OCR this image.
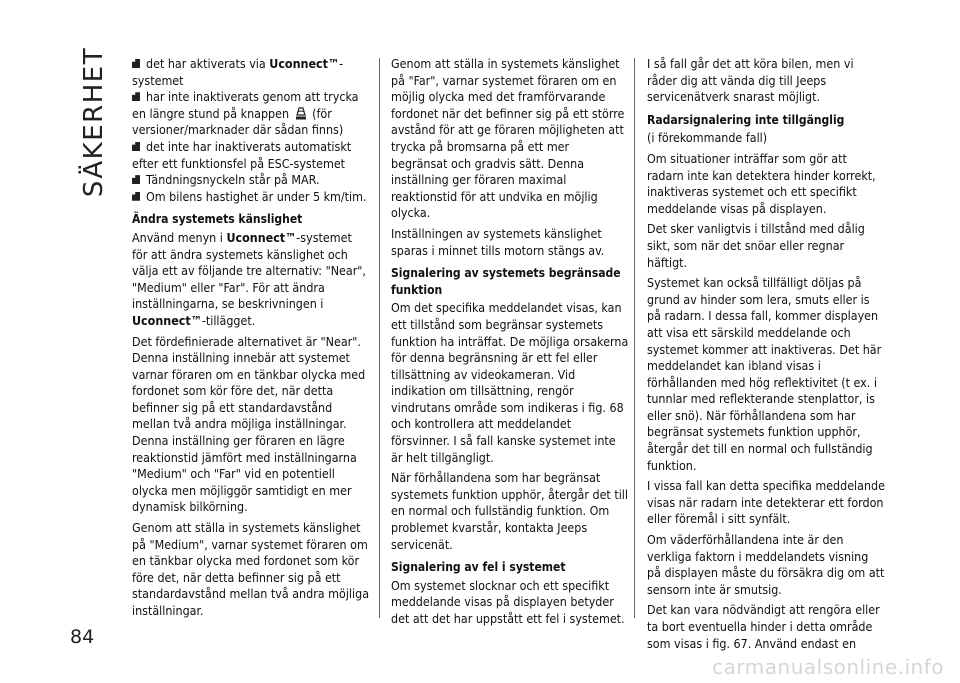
SÄKERHET	det har aktiverats via Uconnect™-systemet

har inte inaktiverats genom att trycka en längre stund på knappen  (för versioner/marknader där sådan finns)

det inte har inaktiverats automatiskt efter ett funktionsfel på ESC-systemet

Tändningsnyckeln står på MAR.

Om bilens hastighet är under 5 km/tim.

Ändra systemets känslighet

Använd menyn i Uconnect™-systemet för att ändra systemets känslighet och välja ett av följande tre alternativ: "Near", "Medium" eller "Far". För att ändra inställningarna, se beskrivningen i Uconnect™-tillägget.

Det fördefinierade alternativet är "Near". Denna inställning innebär att systemet varnar föraren om en tänkbar olycka med fordonet som kör före det, när detta befinner sig på ett standardavstånd mellan två andra möjliga inställningar. Denna inställning ger föraren en lägre reaktionstid jämfört med inställningarna "Medium" och "Far" vid en potentiell olycka men möjliggör samtidigt en mer dynamisk bilkörning.

Genom att ställa in systemets känslighet på "Medium", varnar systemet föraren om en tänkbar olycka med fordonet som kör före det, när detta befinner sig på ett standardavstånd mellan två andra möjliga inställningar.

Genom att ställa in systemets känslighet på "Far", varnar systemet föraren om en möjlig olycka med det framförvarande fordonet när det befinner sig på ett större avstånd för att ge föraren möjligheten att trycka på bromsarna på ett mer begränsat och gradvis sätt. Denna inställning ger föraren maximal reaktionstid för att undvika en möjlig olycka.

Inställningen av systemets känslighet sparas i minnet tills motorn stängs av.

Signalering av systemets begränsade funktion

Om det specifika meddelandet visas, kan ett tillstånd som begränsar systemets funktion ha inträffat. De möjliga orsakerna för denna begränsning är ett fel eller tillsättning av videokameran. Vid indikation om tillsättning, rengör vindrutans område som indikeras i fig. 68 och kontrollera att meddelandet försvinner. I så fall kanske systemet inte är helt tillgängligt.

När förhållandena som har begränsat systemets funktion upphör, återgår det till en normal och fullständig funktion. Om problemet kvarstår, kontakta Jeeps servicenät.

Signalering av fel i systemet

Om systemet slocknar och ett specifikt meddelande visas på displayen betyder det att det har uppstått ett fel i systemet.

I så fall går det att köra bilen, men vi råder dig att vända dig till Jeeps servicenätverk snarast möjligt.

Radarsignalering inte tillgänglig

(i förekommande fall)

Om situationer inträffar som gör att radarn inte kan detektera hinder korrekt, inaktiveras systemet och ett specifikt meddelande visas på displayen.

Det sker vanligtvis i tillstånd med dålig sikt, som när det snöar eller regnar häftigt.

Systemet kan också tillfälligt döljas på grund av hinder som lera, smuts eller is på radarn. I dessa fall, kommer displayen att visa ett särskild meddelande och systemet kommer att inaktiveras. Det här meddelandet kan ibland visas i förhållanden med hög reflektivitet (t ex. i tunnlar med reflekterande stenplattor, is eller snö). När förhållandena som har begränsat systemets funktion upphör, återgår det till en normal och fullständig funktion.

I vissa fall kan detta specifika meddelande visas när radarn inte detekterar ett fordon eller föremål i sitt synfält.

Om väderförhållandena inte är den verkliga faktorn i meddelandets visning på displayen måste du försäkra dig om att sensorn inte är smutsig.

Det kan vara nödvändigt att rengöra eller ta bort eventuella hinder i detta område som visas i fig. 67. Använd endast en

84
carmanualsonline.info
